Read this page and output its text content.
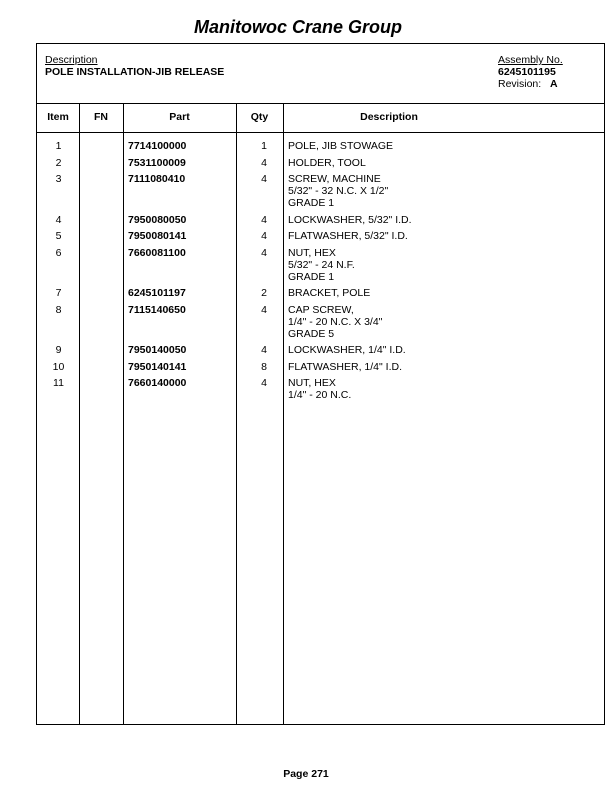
Manitowoc Crane Group
Description
POLE INSTALLATION-JIB RELEASE
Assembly No.
6245101195
Revision: A
Item	FN	Part	Qty	Description
1	7714100000	1	POLE, JIB STOWAGE
2	7531100009	4	HOLDER, TOOL
3	7111080410	4	SCREW, MACHINE
5/32" - 32 N.C. X 1/2"
GRADE 1
4	7950080050	4	LOCKWASHER, 5/32" I.D.
5	7950080141	4	FLATWASHER, 5/32" I.D.
6	7660081100	4	NUT, HEX
5/32" - 24 N.F.
GRADE 1
7	6245101197	2	BRACKET, POLE
8	7115140650	4	CAP SCREW,
1/4" - 20 N.C. X 3/4"
GRADE 5
9	7950140050	4	LOCKWASHER, 1/4" I.D.
10	7950140141	8	FLATWASHER, 1/4" I.D.
11	7660140000	4	NUT, HEX
1/4" - 20 N.C.
Page 271
